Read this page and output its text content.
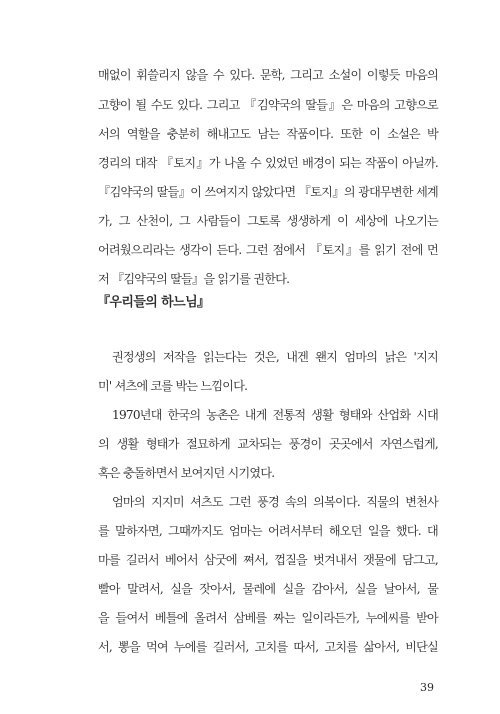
매없이 휘쓸리지 않을 수 있다. 문학, 그리고 소설이 이렇듯 마음의
고향이 될 수도 있다. 그리고 『김약국의 딸들』은 마음의 고향으로
서의 역할을 충분히 해내고도 남는 작품이다. 또한 이 소설은 박
경리의 대작 『토지』가 나올 수 있었던 배경이 되는 작품이 아닐까.
『김약국의 딸들』이 쓰여지지 않았다면 『토지』의 광대무변한 세계
가, 그 산천이, 그 사람들이 그토록 생생하게 이 세상에 나오기는
어려웠으리라는 생각이 든다. 그런 점에서 『토지』를 읽기 전에 먼
저 『김약국의 딸들』을 읽기를 권한다.
『우리들의 하느님』
권정생의 저작을 읽는다는 것은, 내겐 왠지 엄마의 낡은 '지지
미' 셔츠에 코를 박는 느낌이다.
1970년대 한국의 농촌은 내게 전통적 생활 형태와 산업화 시대
의 생활 형태가 절묘하게 교차되는 풍경이 곳곳에서 자연스럽게,
혹은 충돌하면서 보여지던 시기였다.
엄마의 지지미 셔츠도 그런 풍경 속의 의복이다. 직물의 변천사
를 말하자면, 그때까지도 엄마는 어려서부터 해오던 일을 했다. 대
마를 길러서 베어서 삼굿에 쪄서, 껍질을 벗겨내서 잿물에 담그고,
빨아 말려서, 실을 잣아서, 물레에 실을 감아서, 실을 날아서, 물
을 들여서 베틀에 올려서 삼베를 짜는 일이라든가, 누에씨를 받아
서, 뽕을 먹여 누에를 길러서, 고치를 따서, 고치를 삶아서, 비단실
39
